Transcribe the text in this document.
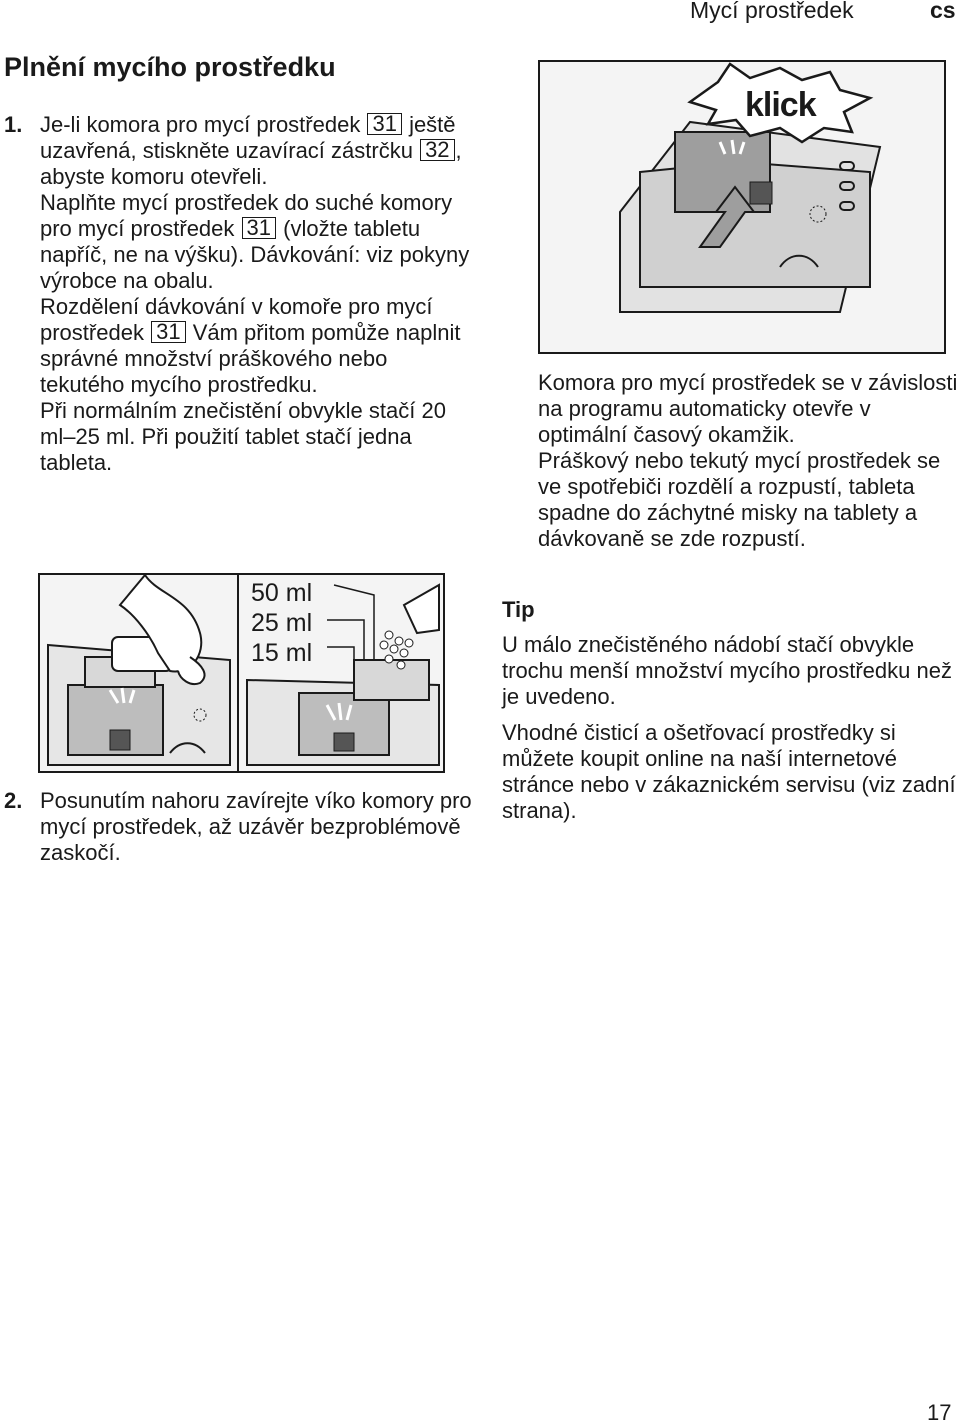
Mycí prostředek	cs
Plnění mycího prostředku
1. Je-li komora pro mycí prostředek 31 ještě uzavřená, stiskněte uzavírací zástrčku 32 , abyste komoru otevřeli.

Naplňte mycí prostředek do suché komory pro mycí prostředek 31 (vložte tabletu napříč, ne na výšku). Dávkování: viz pokyny výrobce na obalu.

Rozdělení dávkování v komoře pro mycí prostředek 31 Vám přitom pomůže naplnit správné množství práškového nebo tekutého mycího prostředku.

Při normálním znečistění obvykle stačí 20 ml–25 ml. Při použití tablet stačí jedna tableta.

50 ml
25 ml
15 ml
2. Posunutím nahoru zavírejte víko komory pro mycí prostředek, až uzávěr bezproblémově zaskočí.

klick

Komora pro mycí prostředek se v závislosti na programu automaticky otevře v optimální časový okamžik.

Práškový nebo tekutý mycí prostředek se ve spotřebiči rozdělí a rozpustí, tableta spadne do záchytné misky na tablety a dávkovaně se zde rozpustí.

Tip

U málo znečistěného nádobí stačí obvykle trochu menší množství mycího prostředku než je uvedeno.

Vhodné čisticí a ošetřovací prostředky si můžete koupit online na naší internetové stránce nebo v zákaznickém servisu (viz zadní strana).

17
